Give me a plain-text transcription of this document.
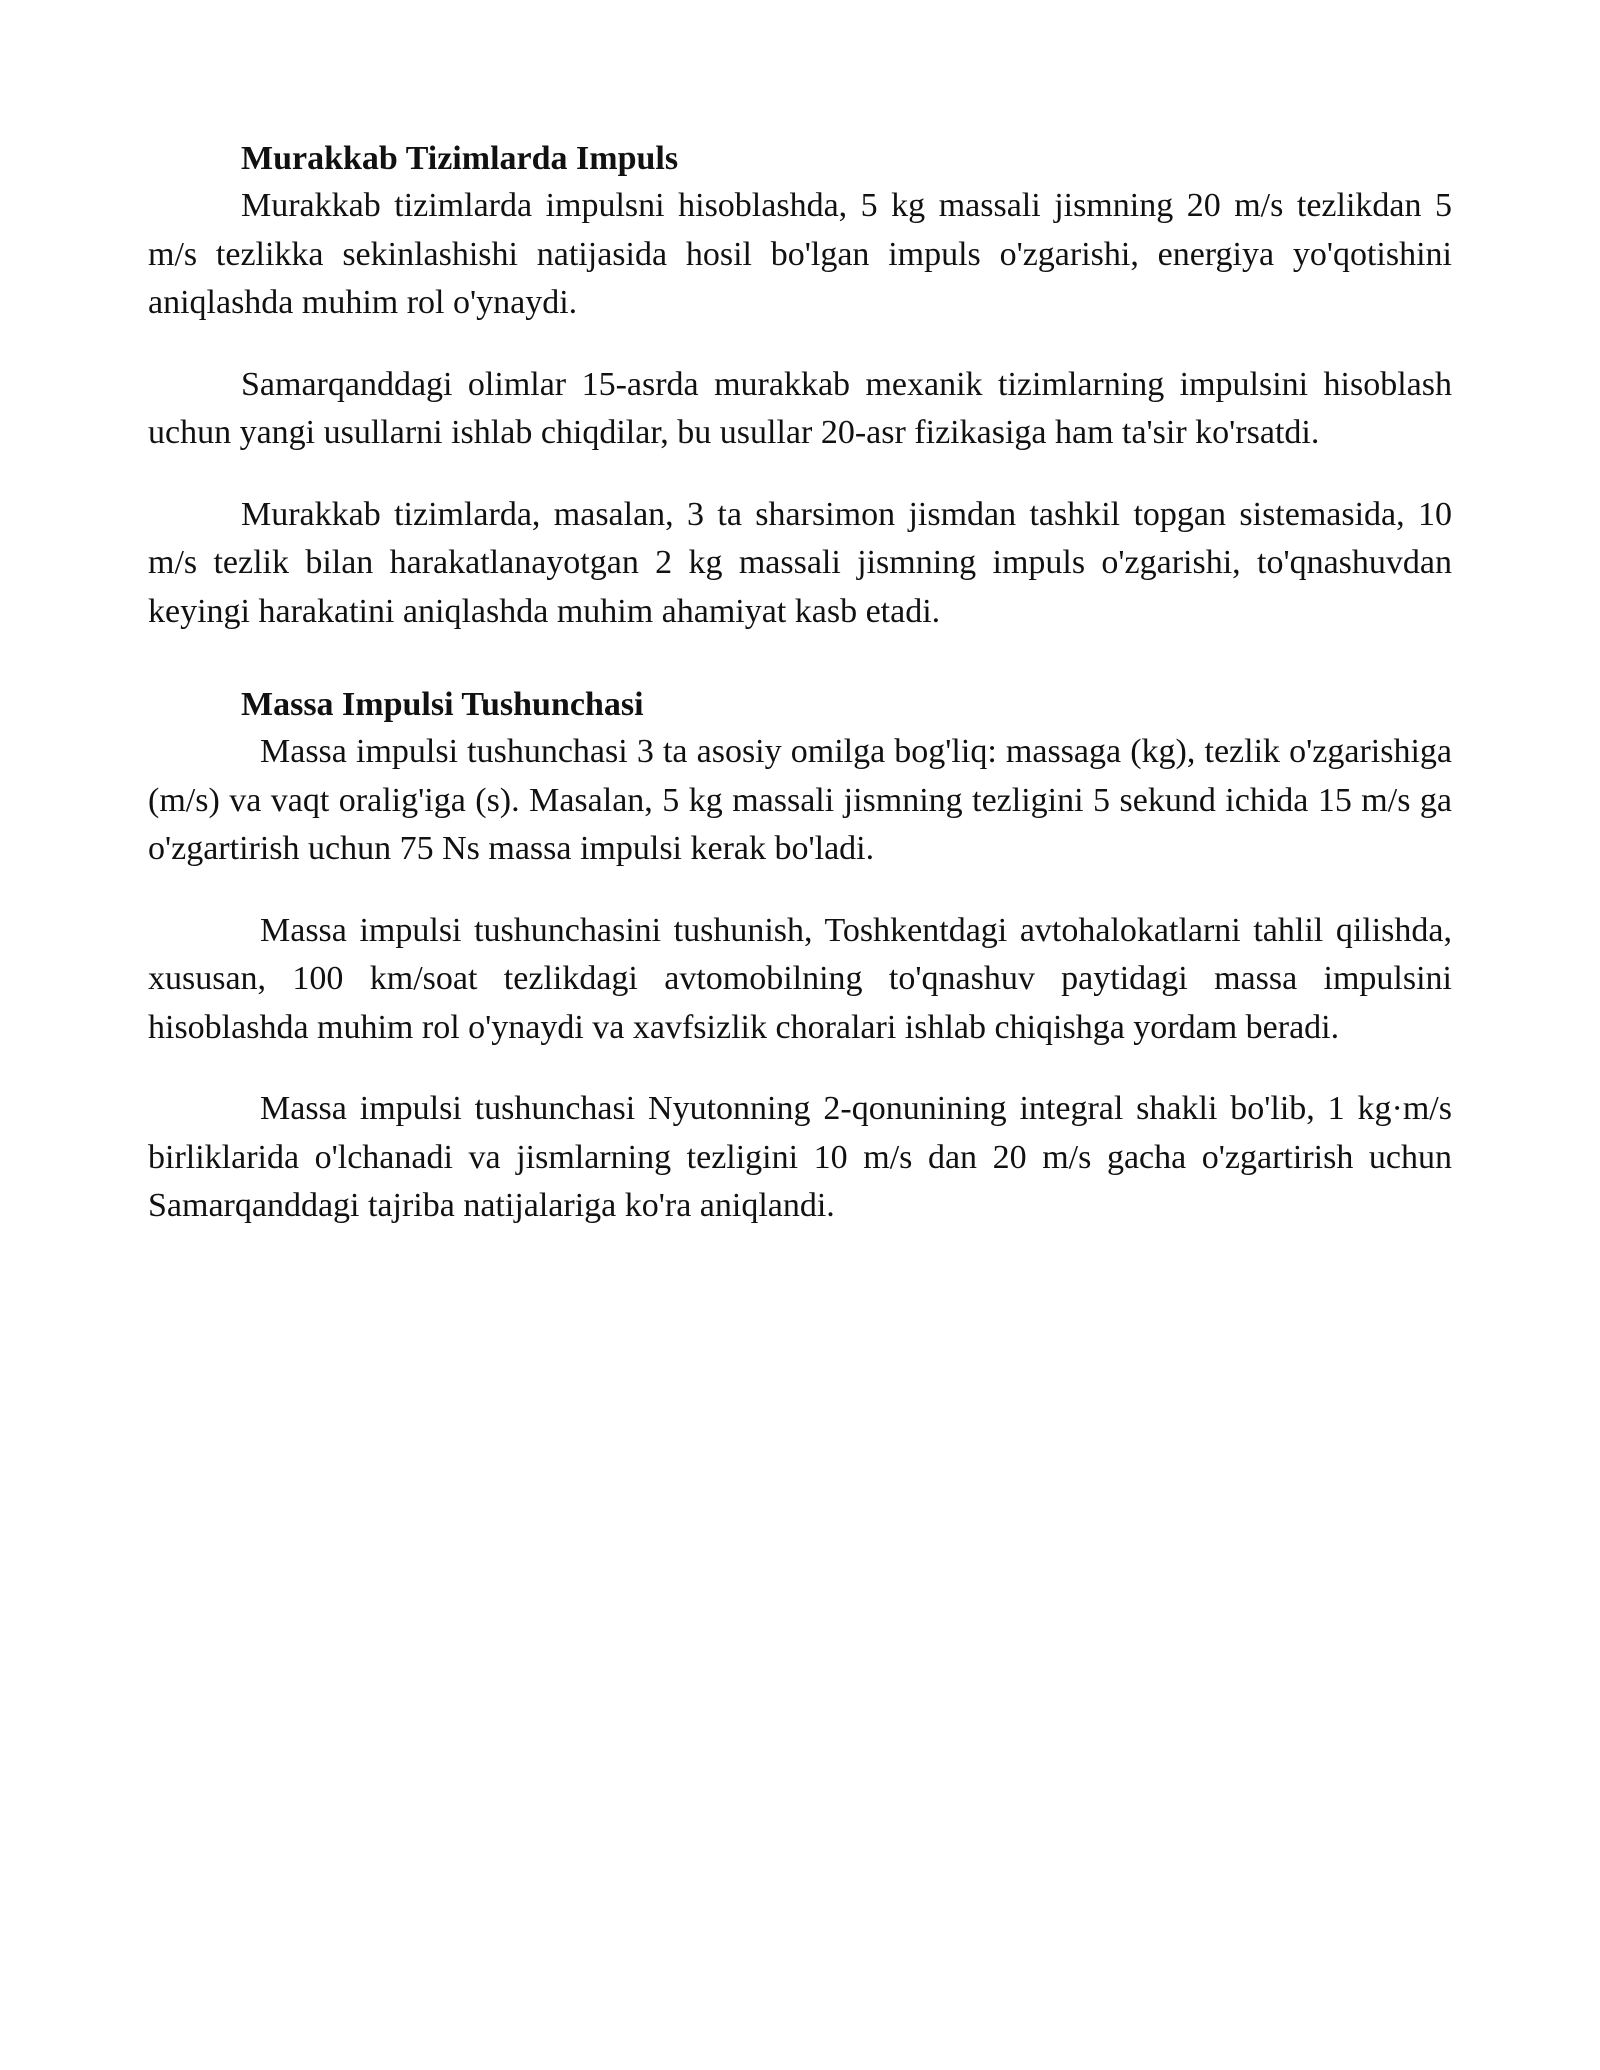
Murakkab Tizimlarda Impuls

Murakkab tizimlarda impulsni hisoblashda, 5 kg massali jismning 20 m/s tezlikdan 5 m/s tezlikka sekinlashishi natijasida hosil bo'lgan impuls o'zgarishi, energiya yo'qotishini aniqlashda muhim rol o'ynaydi.

Samarqanddagi olimlar 15-asrda murakkab mexanik tizimlarning impulsini hisoblash uchun yangi usullarni ishlab chiqdilar, bu usullar 20-asr fizikasiga ham ta'sir ko'rsatdi.

Murakkab tizimlarda, masalan, 3 ta sharsimon jismdan tashkil topgan sistemasida, 10 m/s tezlik bilan harakatlanayotgan 2 kg massali jismning impuls o'zgarishi, to'qnashuvdan keyingi harakatini aniqlashda muhim ahamiyat kasb etadi.

Massa Impulsi Tushunchasi

Massa impulsi tushunchasi 3 ta asosiy omilga bog'liq: massaga (kg), tezlik o'zgarishiga (m/s) va vaqt oralig'iga (s). Masalan, 5 kg massali jismning tezligini 5 sekund ichida 15 m/s ga o'zgartirish uchun 75 Ns massa impulsi kerak bo'ladi.

Massa impulsi tushunchasini tushunish, Toshkentdagi avtohalokatlarni tahlil qilishda, xususan, 100 km/soat tezlikdagi avtomobilning to'qnashuv paytidagi massa impulsini hisoblashda muhim rol o'ynaydi va xavfsizlik choralari ishlab chiqishga yordam beradi.

Massa impulsi tushunchasi Nyutonning 2-qonunining integral shakli bo'lib, 1 kg·m/s birliklarida o'lchanadi va jismlarning tezligini 10 m/s dan 20 m/s gacha o'zgartirish uchun Samarqanddagi tajriba natijalariga ko'ra aniqlandi.
